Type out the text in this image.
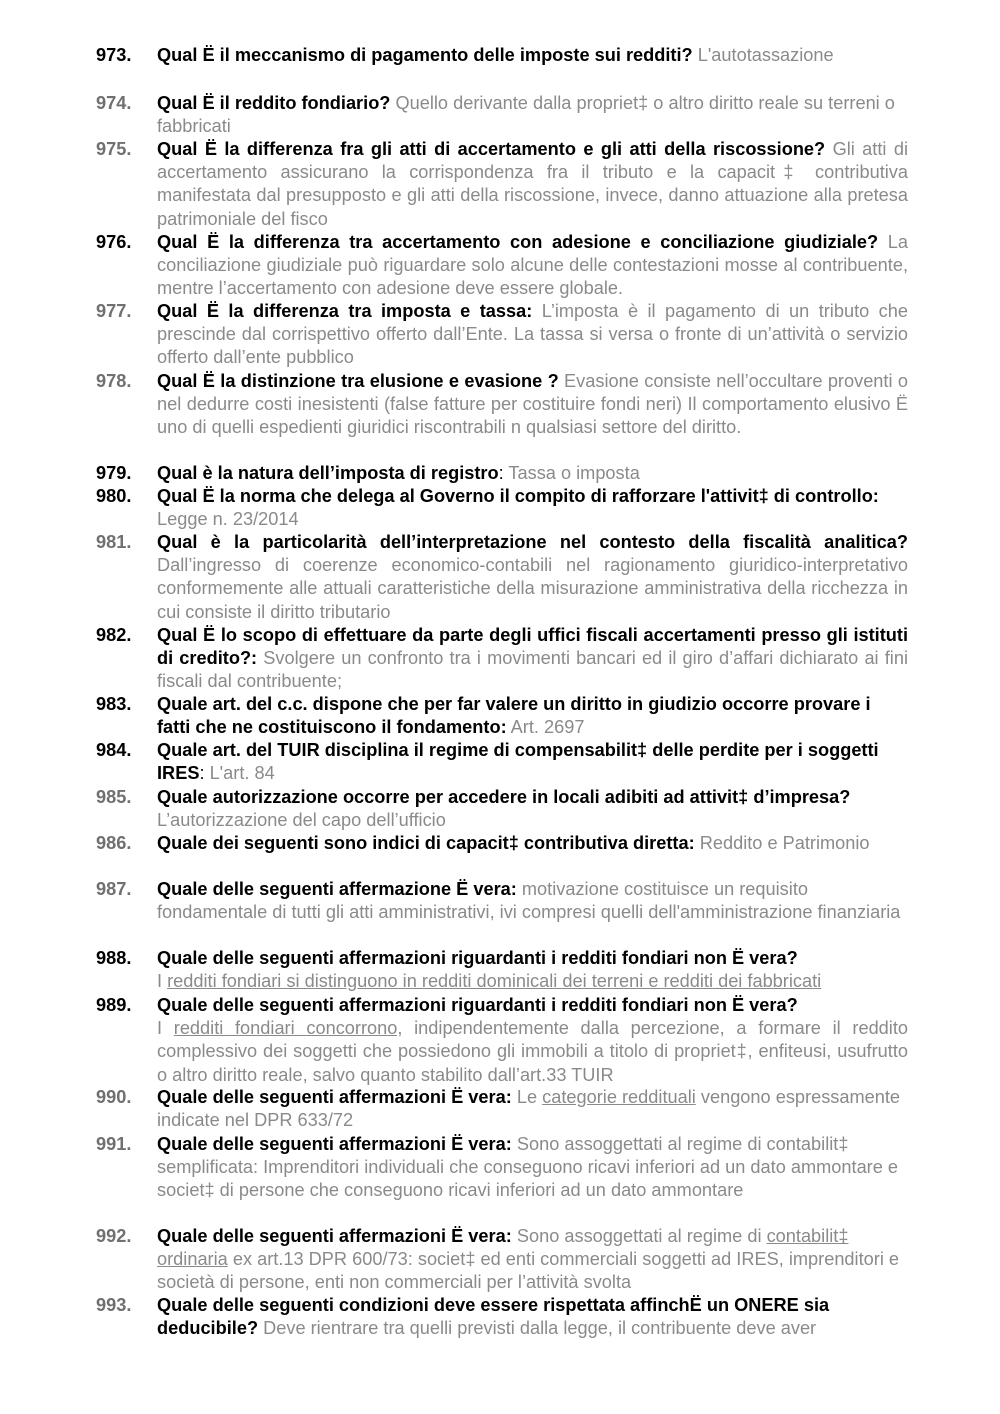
973.	Qual Ë il meccanismo di pagamento delle imposte sui redditi? L'autotassazione
974.	Qual Ë il reddito fondiario? Quello derivante dalla propriet‡ o altro diritto reale su terreni o fabbricati
975.	Qual Ë la differenza fra gli atti di accertamento e gli atti della riscossione? Gli atti di accertamento assicurano la corrispondenza fra il tributo e la capacit‡ contributiva manifestata dal presupposto e gli atti della riscossione, invece, danno attuazione alla pretesa patrimoniale del fisco
976.	Qual Ë la differenza tra accertamento con adesione e conciliazione giudiziale? La conciliazione giudiziale può riguardare solo alcune delle contestazioni mosse al contribuente, mentre l’accertamento con adesione deve essere globale.
977.	Qual Ë la differenza tra imposta e tassa: L’imposta è il pagamento di un tributo che prescinde dal corrispettivo offerto dall’Ente. La tassa si versa o fronte di un’attività o servizio offerto dall’ente pubblico
978.	Qual Ë la distinzione tra elusione e evasione ? Evasione consiste nell’occultare proventi o nel dedurre costi inesistenti (false fatture per costituire fondi neri) Il comportamento elusivo Ë uno di quelli espedienti giuridici riscontrabili n qualsiasi settore del diritto.
979.	Qual è la natura dell’imposta di registro: Tassa o imposta
980.	Qual Ë la norma che delega al Governo il compito di rafforzare l'attivit‡ di controllo: Legge n. 23/2014
981.	Qual è la particolarità dell’interpretazione nel contesto della fiscalità analitica? Dall’ingresso di coerenze economico-contabili nel ragionamento giuridico-interpretativo conformemente alle attuali caratteristiche della misurazione amministrativa della ricchezza in cui consiste il diritto tributario
982.	Qual Ë lo scopo di effettuare da parte degli uffici fiscali accertamenti presso gli istituti di credito?: Svolgere un confronto tra i movimenti bancari ed il giro d’affari dichiarato ai fini fiscali dal contribuente;
983.	Quale art. del c.c. dispone che per far valere un diritto in giudizio occorre provare i fatti che ne costituiscono il fondamento: Art. 2697
984.	Quale art. del TUIR disciplina il regime di compensabilit‡ delle perdite per i soggetti IRES: L'art. 84
985.	Quale autorizzazione occorre per accedere in locali adibiti ad attivit‡ d’impresa? L’autorizzazione del capo dell’ufficio
986.	Quale dei seguenti sono indici di capacit‡ contributiva diretta: Reddito e Patrimonio
987.	Quale delle seguenti affermazione Ë vera: motivazione costituisce un requisito fondamentale di tutti gli atti amministrativi, ivi compresi quelli dell'amministrazione finanziaria
988.	Quale delle seguenti affermazioni riguardanti i redditi fondiari non Ë vera?
I redditi fondiari si distinguono in redditi dominicali dei terreni e redditi dei fabbricati
989.	Quale delle seguenti affermazioni riguardanti i redditi fondiari non Ë vera?
I redditi fondiari concorrono, indipendentemente dalla percezione, a formare il reddito complessivo dei soggetti che possiedono gli immobili a titolo di propriet‡, enfiteusi, usufrutto o altro diritto reale, salvo quanto stabilito dall’art.33 TUIR
990.	Quale delle seguenti affermazioni Ë vera: Le categorie reddituali vengono espressamente indicate nel DPR 633/72
991.	Quale delle seguenti affermazioni Ë vera: Sono assoggettati al regime di contabilit‡ semplificata: Imprenditori individuali che conseguono ricavi inferiori ad un dato ammontare e societ‡ di persone che conseguono ricavi inferiori ad un dato ammontare
992.	Quale delle seguenti affermazioni Ë vera: Sono assoggettati al regime di contabilit‡ ordinaria ex art.13 DPR 600/73: societ‡ ed enti commerciali soggetti ad IRES, imprenditori e società di persone, enti non commerciali per l’attività svolta
993.	Quale delle seguenti condizioni deve essere rispettata affinchË un ONERE sia deducibile? Deve rientrare tra quelli previsti dalla legge, il contribuente deve aver
